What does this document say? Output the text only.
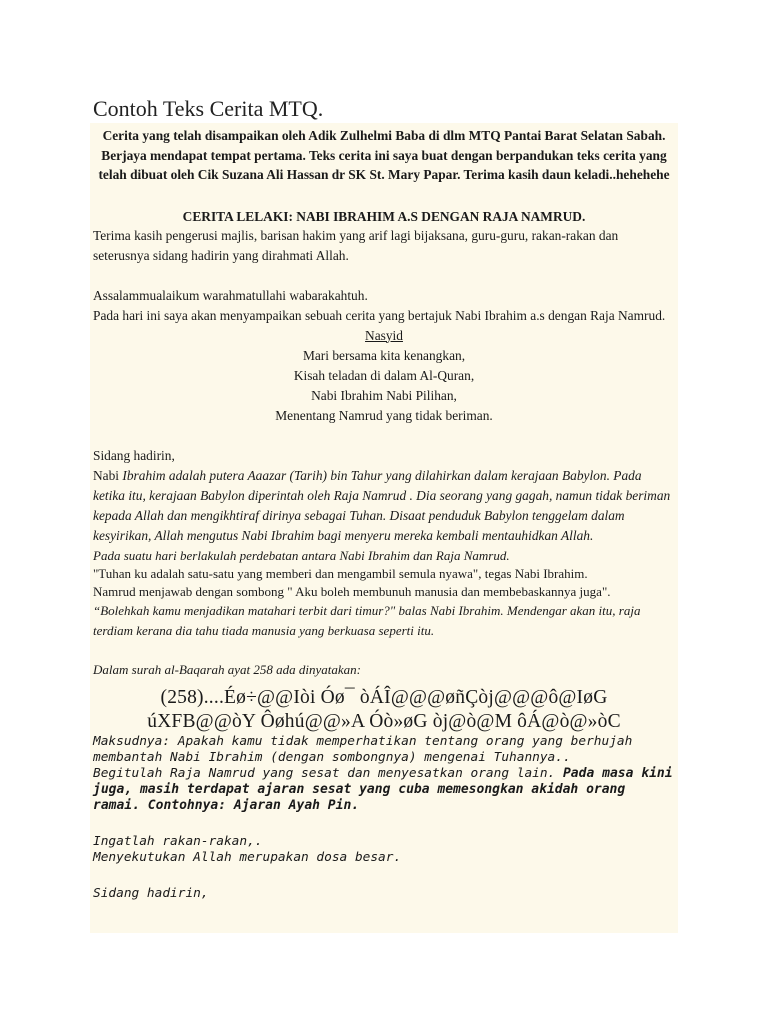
Contoh Teks Cerita MTQ.

Cerita yang telah disampaikan oleh Adik Zulhelmi Baba di dlm MTQ Pantai Barat Selatan Sabah. Berjaya mendapat tempat pertama. Teks cerita ini saya buat dengan berpandukan teks cerita yang telah dibuat oleh Cik Suzana Ali Hassan dr SK St. Mary Papar. Terima kasih daun keladi..hehehehe

CERITA LELAKI: NABI IBRAHIM A.S DENGAN RAJA NAMRUD.

Terima kasih pengerusi majlis, barisan hakim yang arif lagi bijaksana, guru-guru, rakan-rakan dan seterusnya sidang hadirin yang dirahmati Allah.

Assalammualaikum warahmatullahi wabarakahtuh.

Pada hari ini saya akan menyampaikan sebuah cerita yang bertajuk Nabi Ibrahim a.s dengan Raja Namrud.

Nasyid

Mari bersama kita kenangkan,

Kisah teladan di dalam Al-Quran,

Nabi Ibrahim Nabi Pilihan,

Menentang Namrud yang tidak beriman.

Sidang hadirin,

Nabi Ibrahim adalah putera Aaazar (Tarih) bin Tahur yang dilahirkan dalam kerajaan Babylon. Pada ketika itu, kerajaan Babylon diperintah oleh Raja Namrud . Dia seorang yang gagah, namun tidak beriman kepada Allah dan mengikhtiraf dirinya sebagai Tuhan. Disaat penduduk Babylon tenggelam dalam kesyirikan, Allah mengutus Nabi Ibrahim bagi menyeru mereka kembali mentauhidkan Allah.

Pada suatu hari berlakulah perdebatan antara Nabi Ibrahim dan Raja Namrud.

"Tuhan ku adalah satu-satu yang memberi dan mengambil semula nyawa", tegas Nabi Ibrahim.

Namrud menjawab dengan sombong " Aku boleh membunuh manusia dan membebaskannya juga".

“Bolehkah kamu menjadikan matahari terbit dari timur?" balas Nabi Ibrahim. Mendengar akan itu, raja terdiam kerana dia tahu tiada manusia yang berkuasa seperti itu.

Dalam surah al-Baqarah ayat 258 ada dinyatakan:

(258)....Éø÷@@Iòi Óø¯ òÁÎ@@@øñÇòj@@@ô@IøG

úXFB@@òY Ôøhú@@»A Óò»øG òj@ò@M ôÁ@ò@»òC

Maksudnya: Apakah kamu tidak memperhatikan tentang orang yang berhujah membantah Nabi Ibrahim (dengan sombongnya) mengenai Tuhannya..

Begitulah Raja Namrud yang sesat dan menyesatkan orang lain. Pada masa kini juga, masih terdapat ajaran sesat yang cuba memesongkan akidah orang ramai. Contohnya: Ajaran Ayah Pin.

Ingatlah rakan-rakan,.

Menyekutukan Allah merupakan dosa besar.

Sidang hadirin,
